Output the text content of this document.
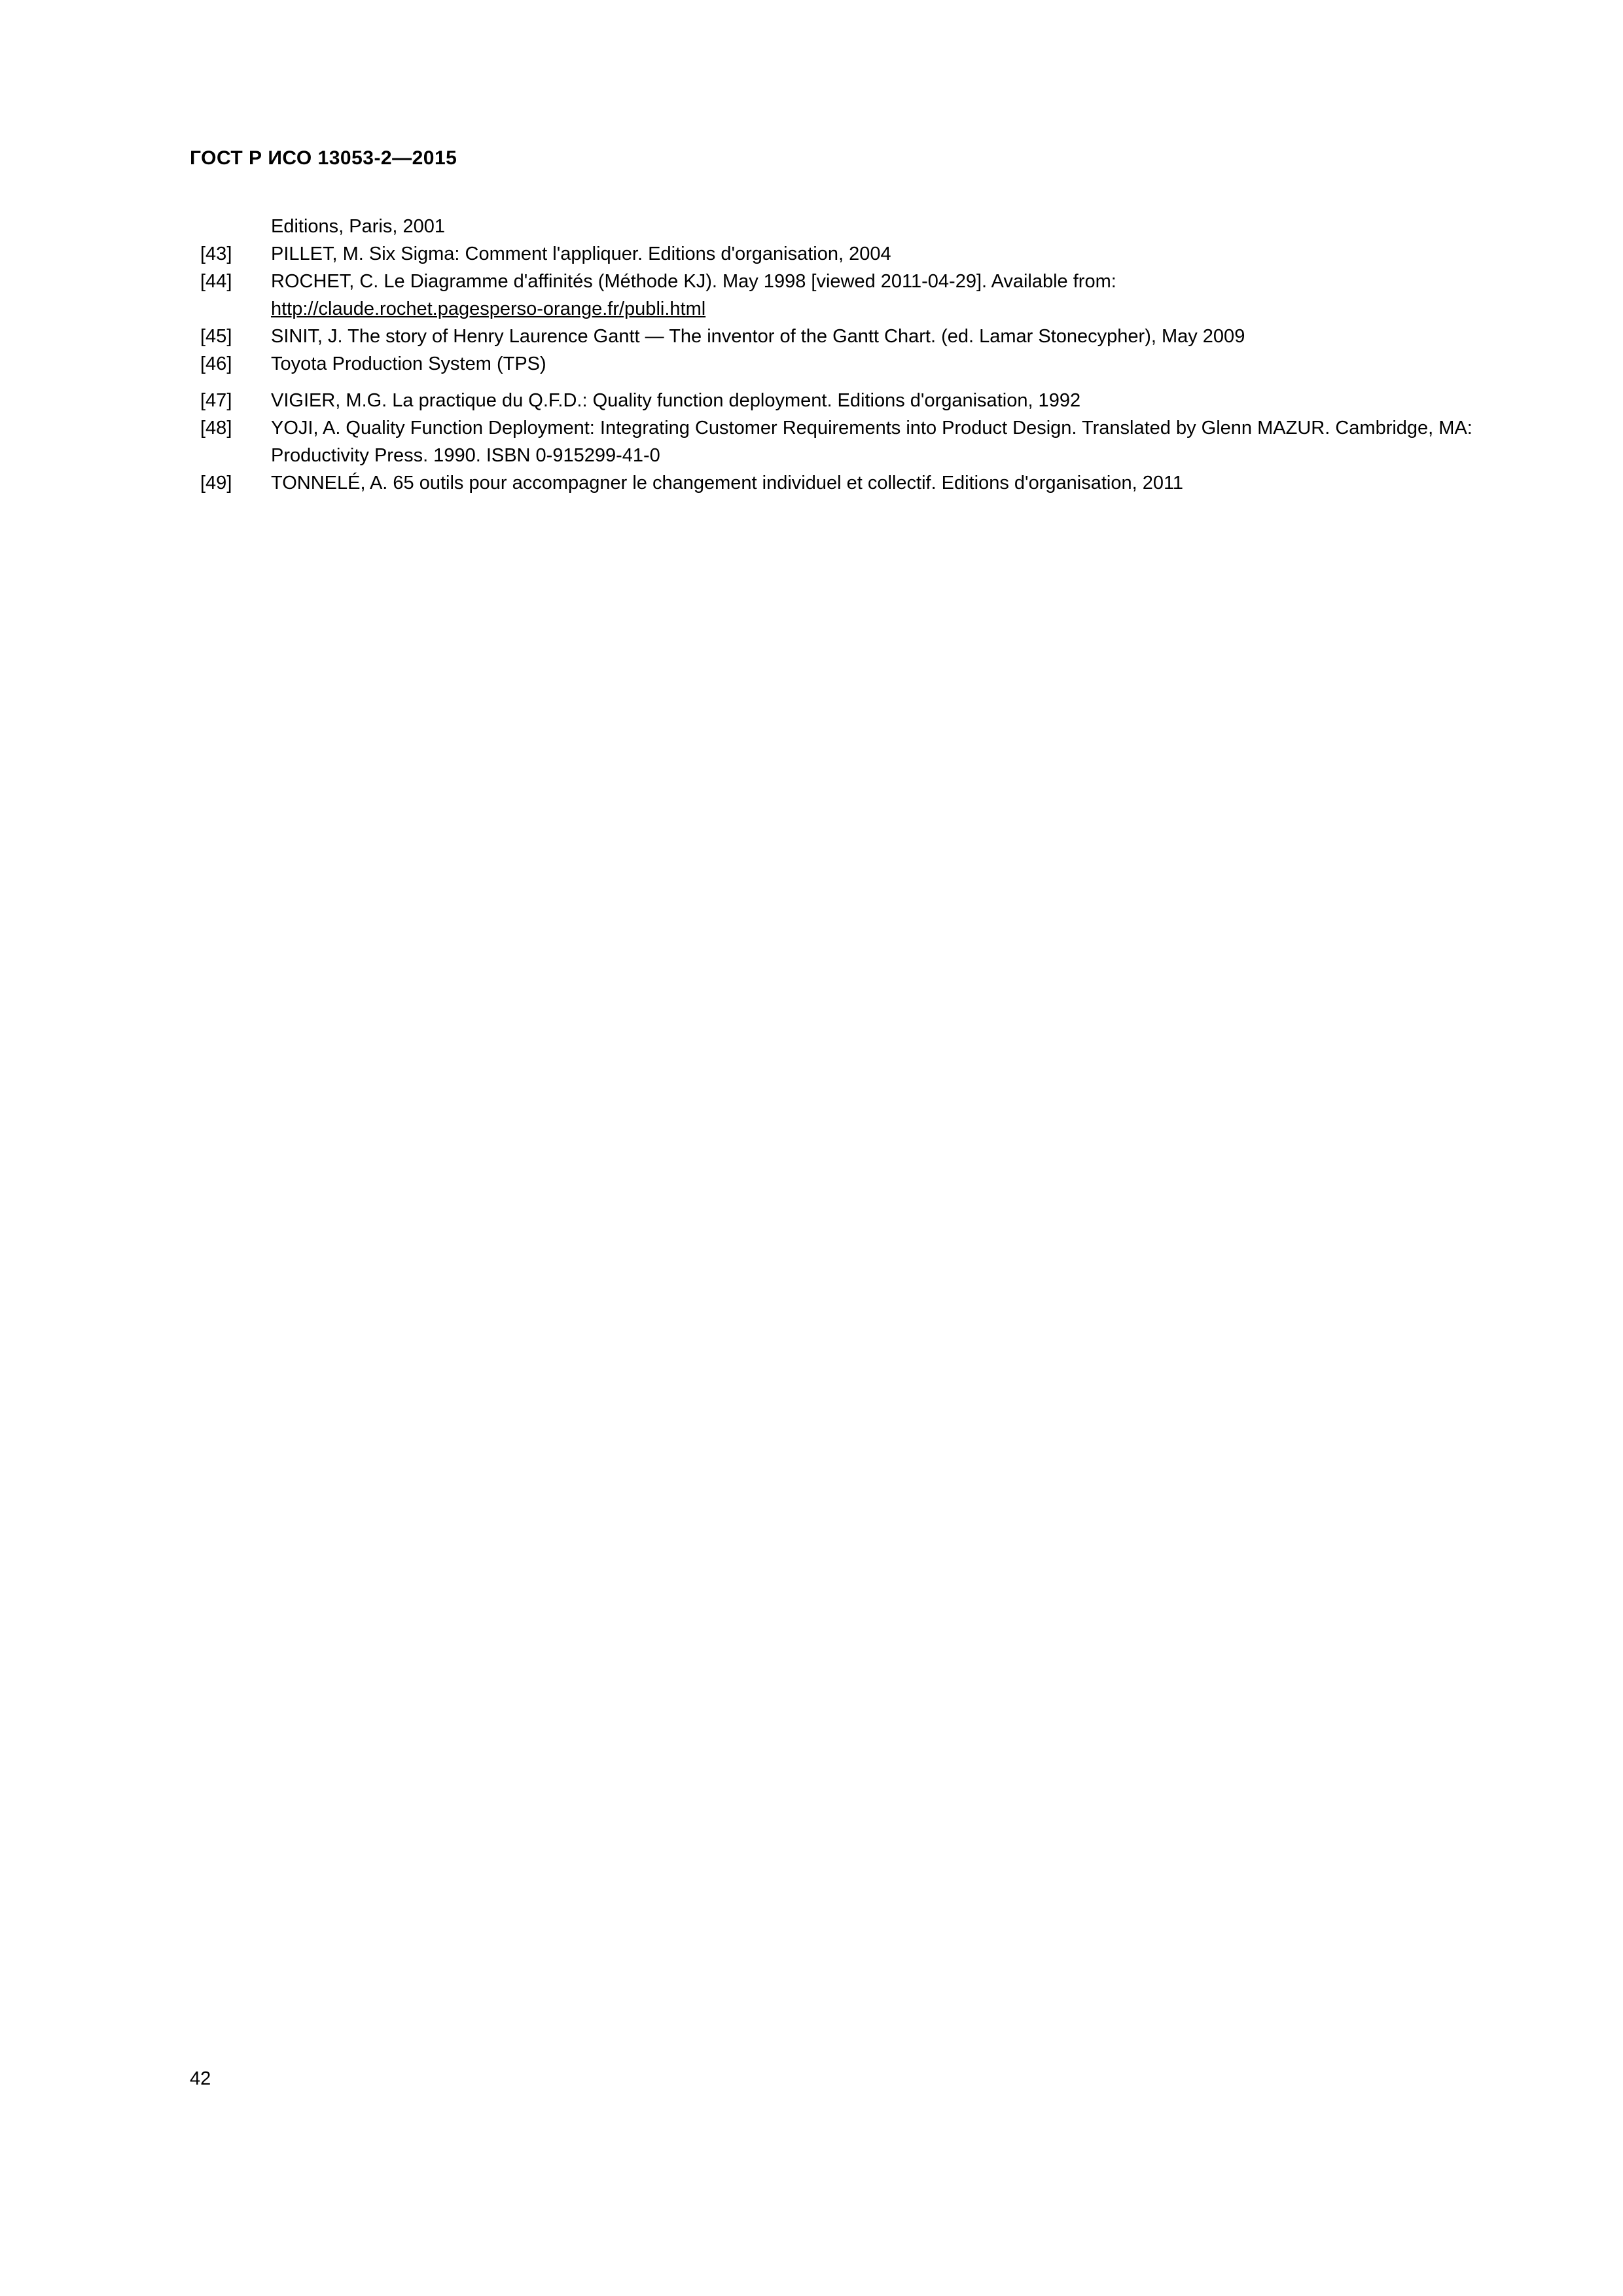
ГОСТ Р ИСО 13053-2—2015
Editions, Paris, 2001
[43]	PILLET, M. Six Sigma: Comment l'appliquer. Editions d'organisation, 2004
[44]	ROCHET, C. Le Diagramme d'affinités (Méthode KJ). May 1998 [viewed 2011-04-29]. Available from:
http://claude.rochet.pagesperso-orange.fr/publi.html
[45]	SINIT, J. The story of Henry Laurence Gantt — The inventor of the Gantt Chart. (ed. Lamar Stonecypher), May 2009
[46]	Toyota Production System (TPS)
[47]	VIGIER, M.G. La practique du Q.F.D.: Quality function deployment. Editions d'organisation, 1992
[48]	YOJI, A. Quality Function Deployment: Integrating Customer Requirements into Product Design. Translated by Glenn MAZUR. Cambridge, MA: Productivity Press. 1990. ISBN 0-915299-41-0
[49]	TONNELÉ, A. 65 outils pour accompagner le changement individuel et collectif. Editions d'organisation, 2011
42
